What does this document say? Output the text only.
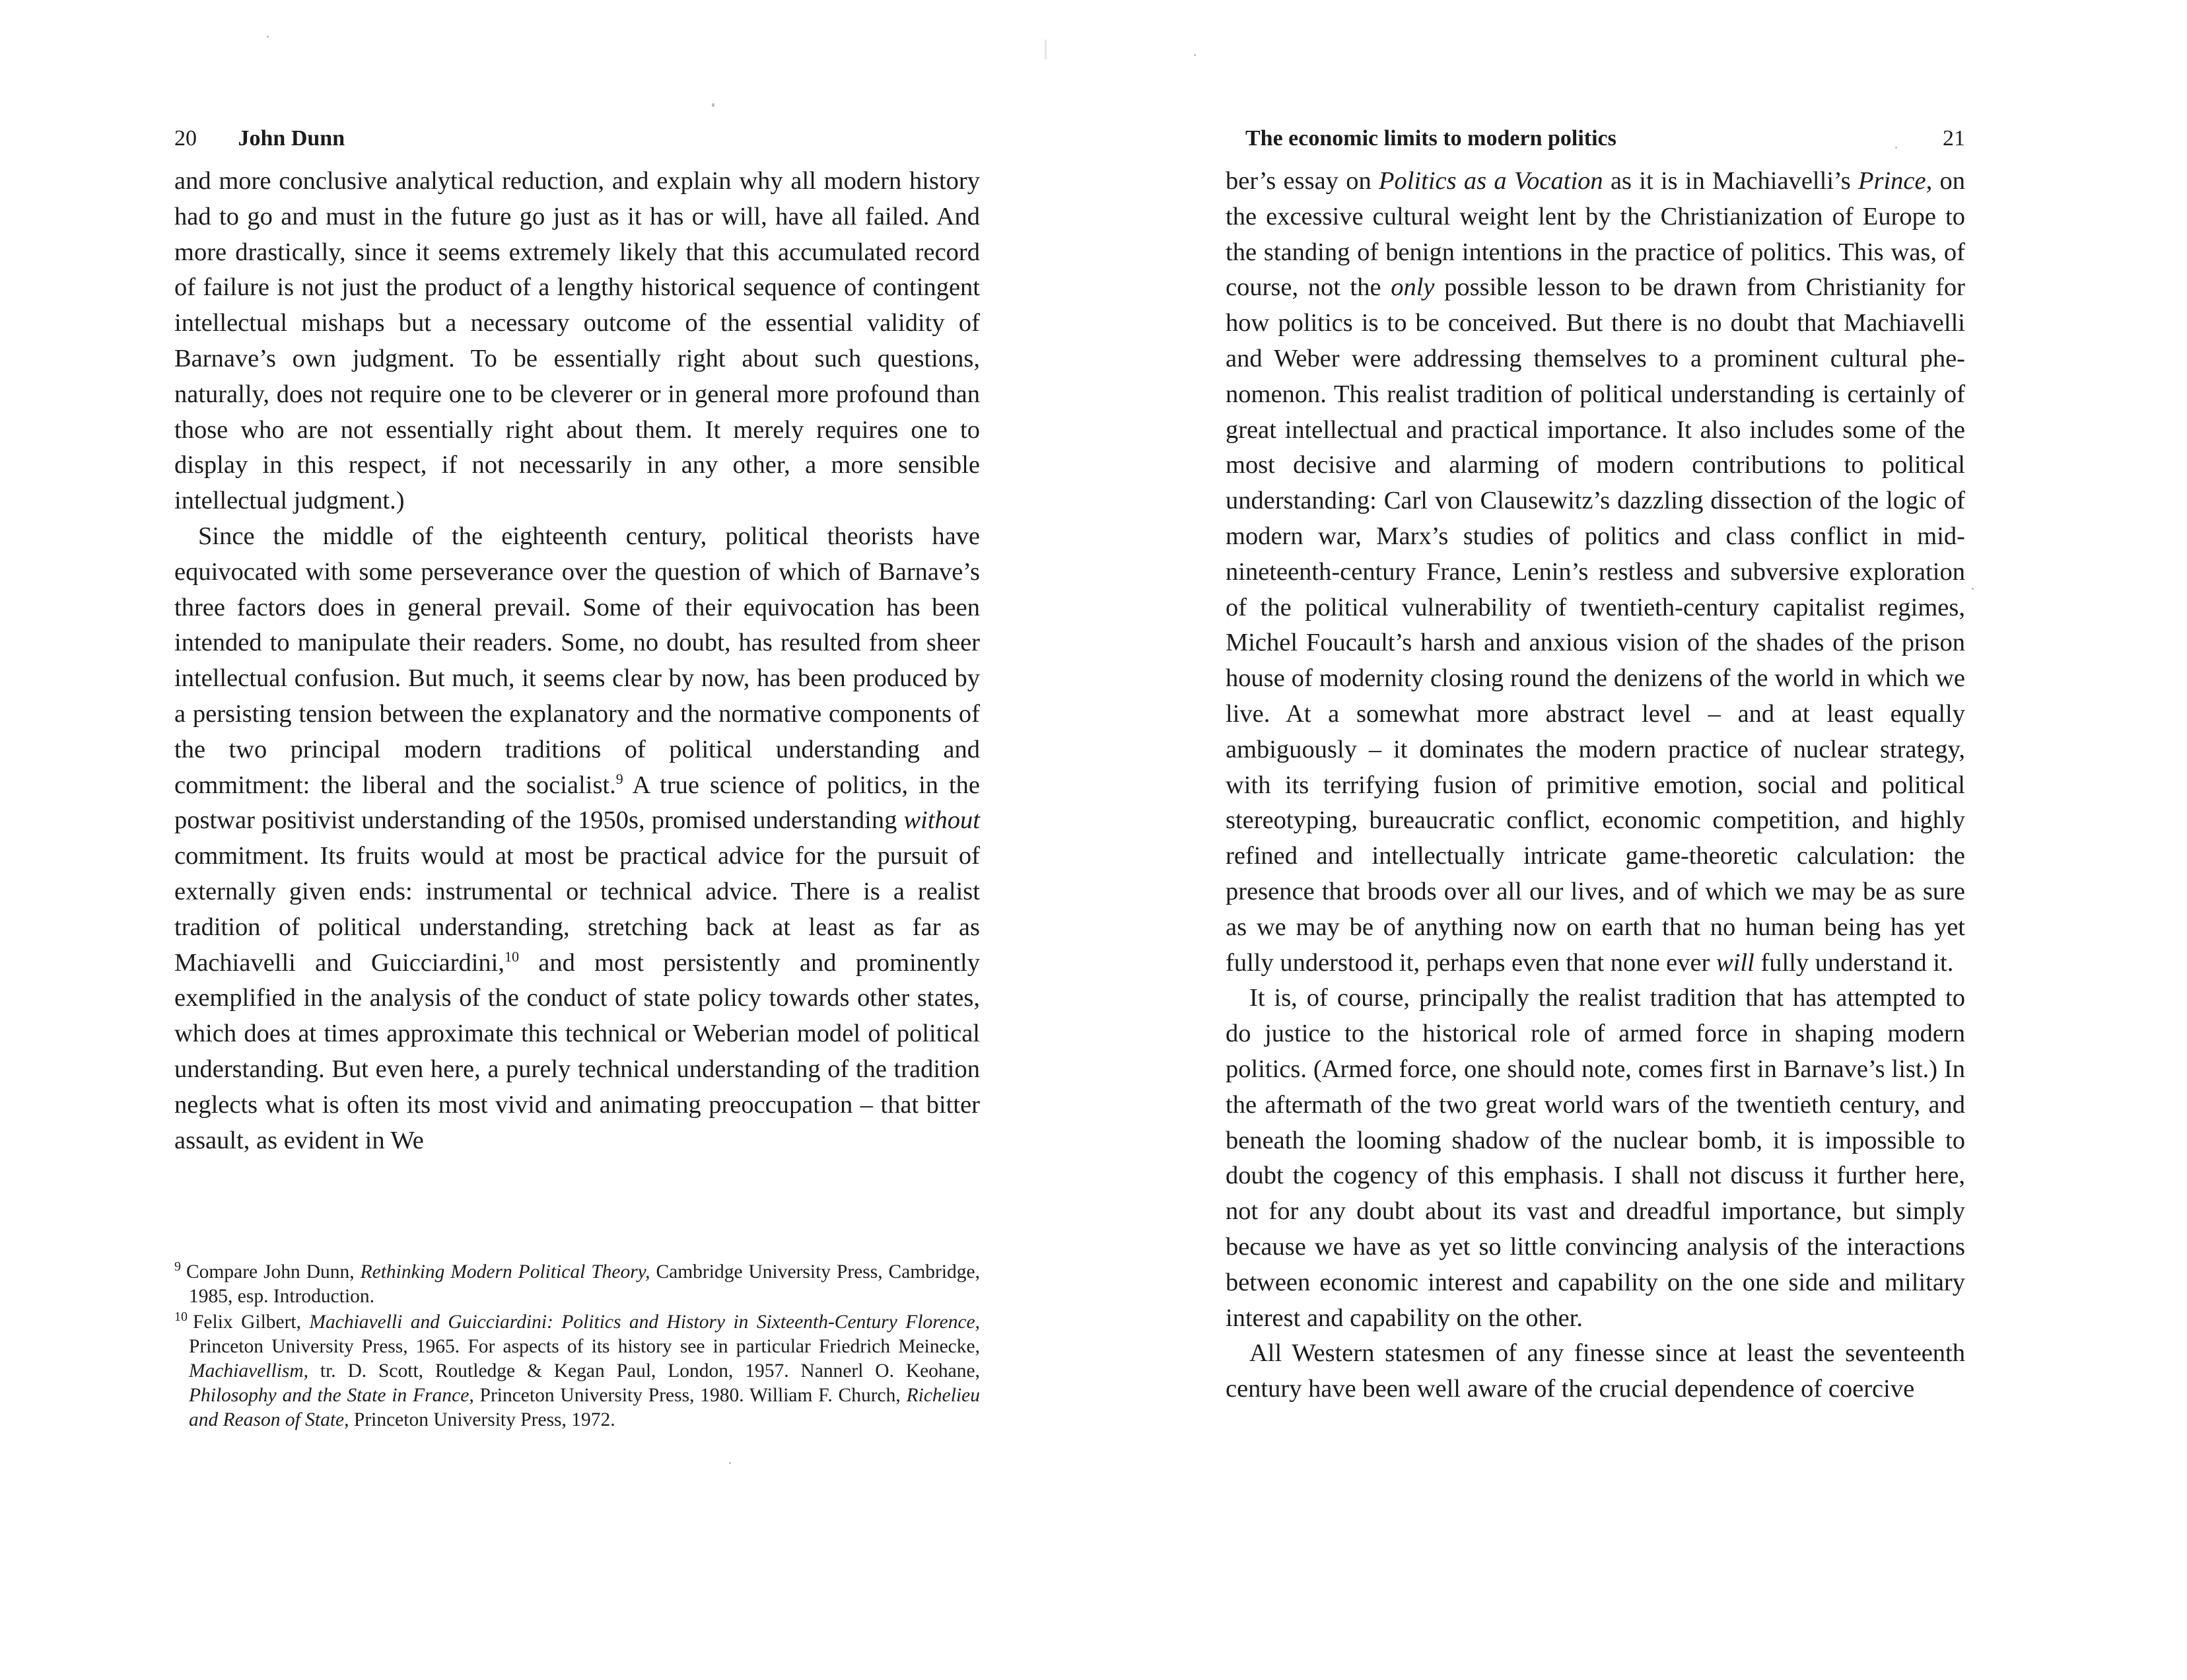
20 John Dunn

and more conclusive analytical reduction, and explain why all modern history had to go and must in the future go just as it has or will, have all failed. And more drastically, since it seems extremely likely that this accumulated record of failure is not just the product of a lengthy historical sequence of contingent intellectual mishaps but a necessary outcome of the essential validity of Barnave’s own judgment. To be essentially right about such questions, naturally, does not require one to be cleverer or in general more profound than those who are not essentially right about them. It merely requires one to display in this respect, if not necessarily in any other, a more sensible intellectual judgment.)

Since the middle of the eighteenth century, political theorists have equivocated with some perseverance over the question of which of Barnave’s three factors does in general prevail. Some of their equivocation has been intended to manipulate their readers. Some, no doubt, has resulted from sheer intellectual confusion. But much, it seems clear by now, has been produced by a persisting tension between the explanatory and the normative components of the two principal modern traditions of political understanding and commitment: the liberal and the socialist.$^9$ A true science of politics, in the postwar positivist understanding of the 1950s, promised understanding without commitment. Its fruits would at most be practical advice for the pursuit of externally given ends: instrumental or technical advice. There is a realist tradition of political understanding, stretching back at least as far as Machiavelli and Guicciardini,$^{10}$ and most persistently and prominently exemplified in the analysis of the conduct of state policy towards other states, which does at times approximate this technical or Weberian model of political understanding. But even here, a purely technical understanding of the tradition neglects what is often its most vivid and animating preoccupation – that bitter assault, as evident in We

$^9$ Compare John Dunn, Rethinking Modern Political Theory, Cambridge University Press, Cambridge, 1985, esp. Introduction.

$^{10}$ Felix Gilbert, Machiavelli and Guicciardini: Politics and History in Sixteenth-Century Florence, Princeton University Press, 1965. For aspects of its history see in particular Friedrich Meinecke, Machiavellism, tr. D. Scott, Routledge & Kegan Paul, London, 1957. Nannerl O. Keohane, Philosophy and the State in France, Princeton University Press, 1980. William F. Church, Richelieu and Reason of State, Princeton University Press, 1972.

The economic limits to modern politics	21

ber’s essay on Politics as a Vocation as it is in Machiavelli’s Prince, on the excessive cultural weight lent by the Christianization of Europe to the standing of benign intentions in the practice of politics. This was, of course, not the only possible lesson to be drawn from Christianity for how politics is to be conceived. But there is no doubt that Machiavelli and Weber were addressing themselves to a prominent cultural phenomenon. This realist tradition of political understanding is certainly of great intellectual and practical importance. It also includes some of the most decisive and alarming of modern contributions to political understanding: Carl von Clausewitz’s dazzling dissection of the logic of modern war, Marx’s studies of politics and class conflict in mid-nineteenth-century France, Lenin’s restless and subversive exploration of the political vulnerability of twentieth-century capitalist regimes, Michel Foucault’s harsh and anxious vision of the shades of the prison house of modernity closing round the denizens of the world in which we live. At a somewhat more abstract level – and at least equally ambiguously – it dominates the modern practice of nuclear strategy, with its terrifying fusion of primitive emotion, social and political stereotyping, bureaucratic conflict, economic competition, and highly refined and intellectually intricate game-theoretic calculation: the presence that broods over all our lives, and of which we may be as sure as we may be of anything now on earth that no human being has yet fully understood it, perhaps even that none ever will fully understand it.

It is, of course, principally the realist tradition that has attempted to do justice to the historical role of armed force in shaping modern politics. (Armed force, one should note, comes first in Barnave’s list.) In the aftermath of the two great world wars of the twentieth century, and beneath the looming shadow of the nuclear bomb, it is impossible to doubt the cogency of this emphasis. I shall not discuss it further here, not for any doubt about its vast and dreadful importance, but simply because we have as yet so little convincing analysis of the interactions between economic interest and capability on the one side and military interest and capability on the other.

All Western statesmen of any finesse since at least the seventeenth century have been well aware of the crucial dependence of coercive
